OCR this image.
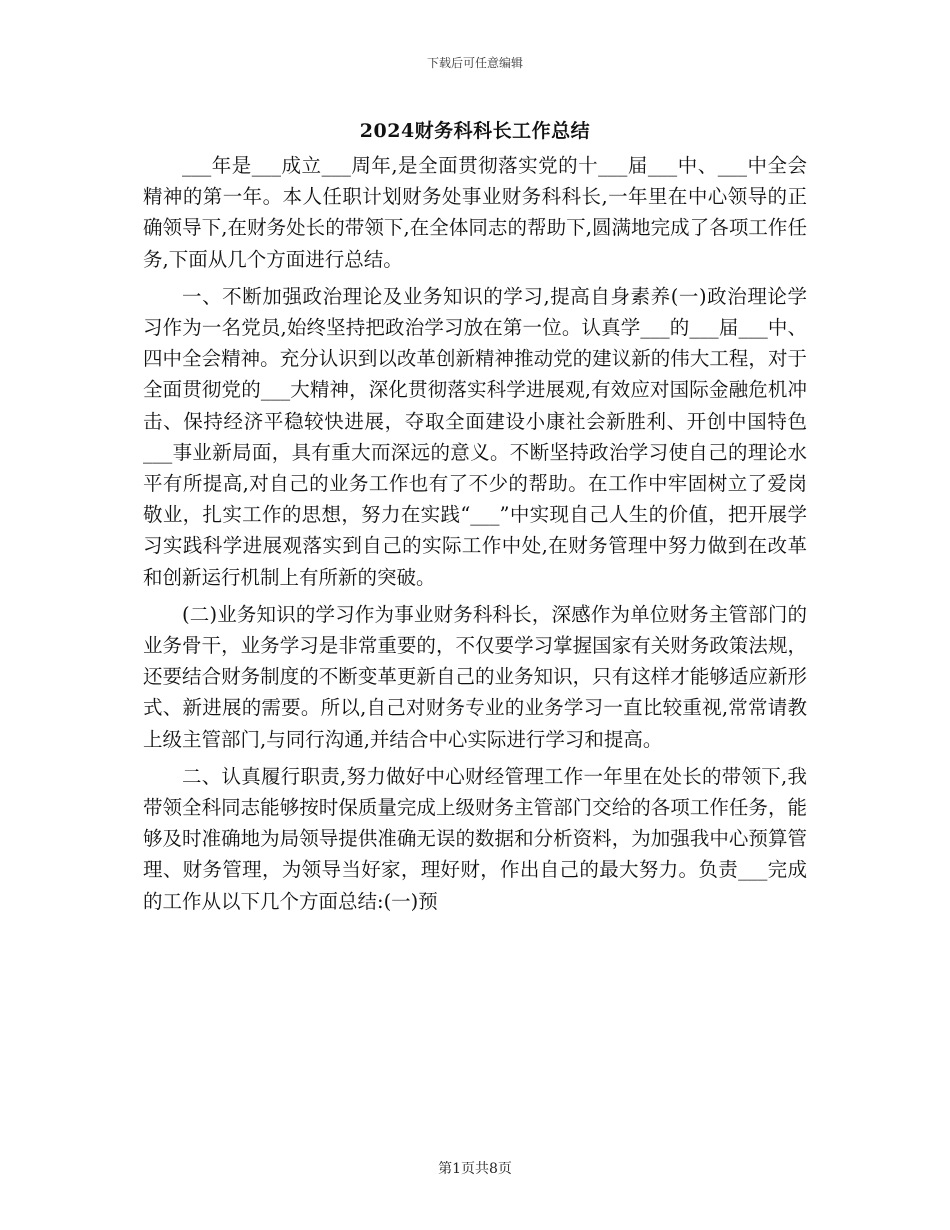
下载后可任意编辑
2024财务科科长工作总结

___年是___成立___周年,是全面贯彻落实党的十___届___中、___中全会精神的第一年。本人任职计划财务处事业财务科科长,一年里在中心领导的正确领导下,在财务处长的带领下,在全体同志的帮助下,圆满地完成了各项工作任务,下面从几个方面进行总结。

一、不断加强政治理论及业务知识的学习,提高自身素养(一)政治理论学习作为一名党员,始终坚持把政治学习放在第一位。认真学___的___届___中、四中全会精神。充分认识到以改革创新精神推动党的建议新的伟大工程，对于全面贯彻党的___大精神，深化贯彻落实科学进展观,有效应对国际金融危机冲击、保持经济平稳较快进展，夺取全面建设小康社会新胜利、开创中国特色___事业新局面，具有重大而深远的意义。不断坚持政治学习使自己的理论水平有所提高,对自己的业务工作也有了不少的帮助。在工作中牢固树立了爱岗敬业，扎实工作的思想，努力在实践“___”中实现自己人生的价值，把开展学习实践科学进展观落实到自己的实际工作中处,在财务管理中努力做到在改革和创新运行机制上有所新的突破。

(二)业务知识的学习作为事业财务科科长，深感作为单位财务主管部门的业务骨干，业务学习是非常重要的，不仅要学习掌握国家有关财务政策法规，还要结合财务制度的不断变革更新自己的业务知识，只有这样才能够适应新形式、新进展的需要。所以,自己对财务专业的业务学习一直比较重视,常常请教上级主管部门,与同行沟通,并结合中心实际进行学习和提高。

二、认真履行职责,努力做好中心财经管理工作一年里在处长的带领下,我带领全科同志能够按时保质量完成上级财务主管部门交给的各项工作任务，能够及时准确地为局领导提供准确无误的数据和分析资料，为加强我中心预算管理、财务管理，为领导当好家，理好财，作出自己的最大努力。负责___完成的工作从以下几个方面总结:(一)预

第1页共8页
